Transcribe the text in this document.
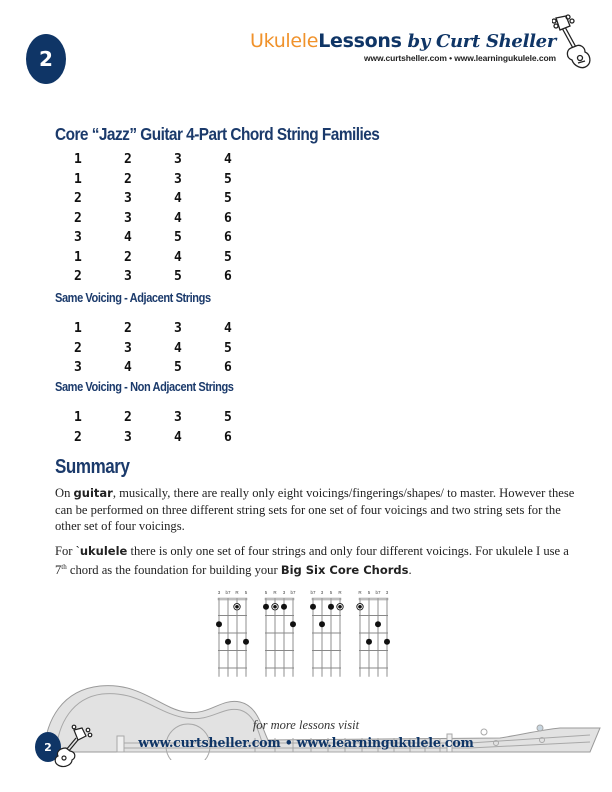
2
UkuleleLessons by Curt Sheller
www.curtsheller.com • www.learningukulele.com
Core “Jazz” Guitar 4-Part Chord String Families
1	2	3	4
1	2	3	5
2	3	4	5
2	3	4	6
3	4	5	6
1	2	4	5
2	3	5	6
Same Voicing - Adjacent Strings
1	2	3	4
2	3	4	5
3	4	5	6
Same Voicing - Non Adjacent Strings
1	2	3	5
2	3	4	6
Summary

On guitar, musically, there are really only eight voicings/fingerings/shapes/ to master. However these can be performed on three different string sets for one set of four voicings and two string sets for the other set of four voicings.

For `ukulele there is only one set of four strings and only four different voicings. For ukulele I use a 7th chord as the foundation for building your Big Six Core Chords.

for more lessons visit
www.curtsheller.com • www.learningukulele.com
2
3 b7 R 5	5 R 3 b7	b7 3 5 R	R 5 b7 3
